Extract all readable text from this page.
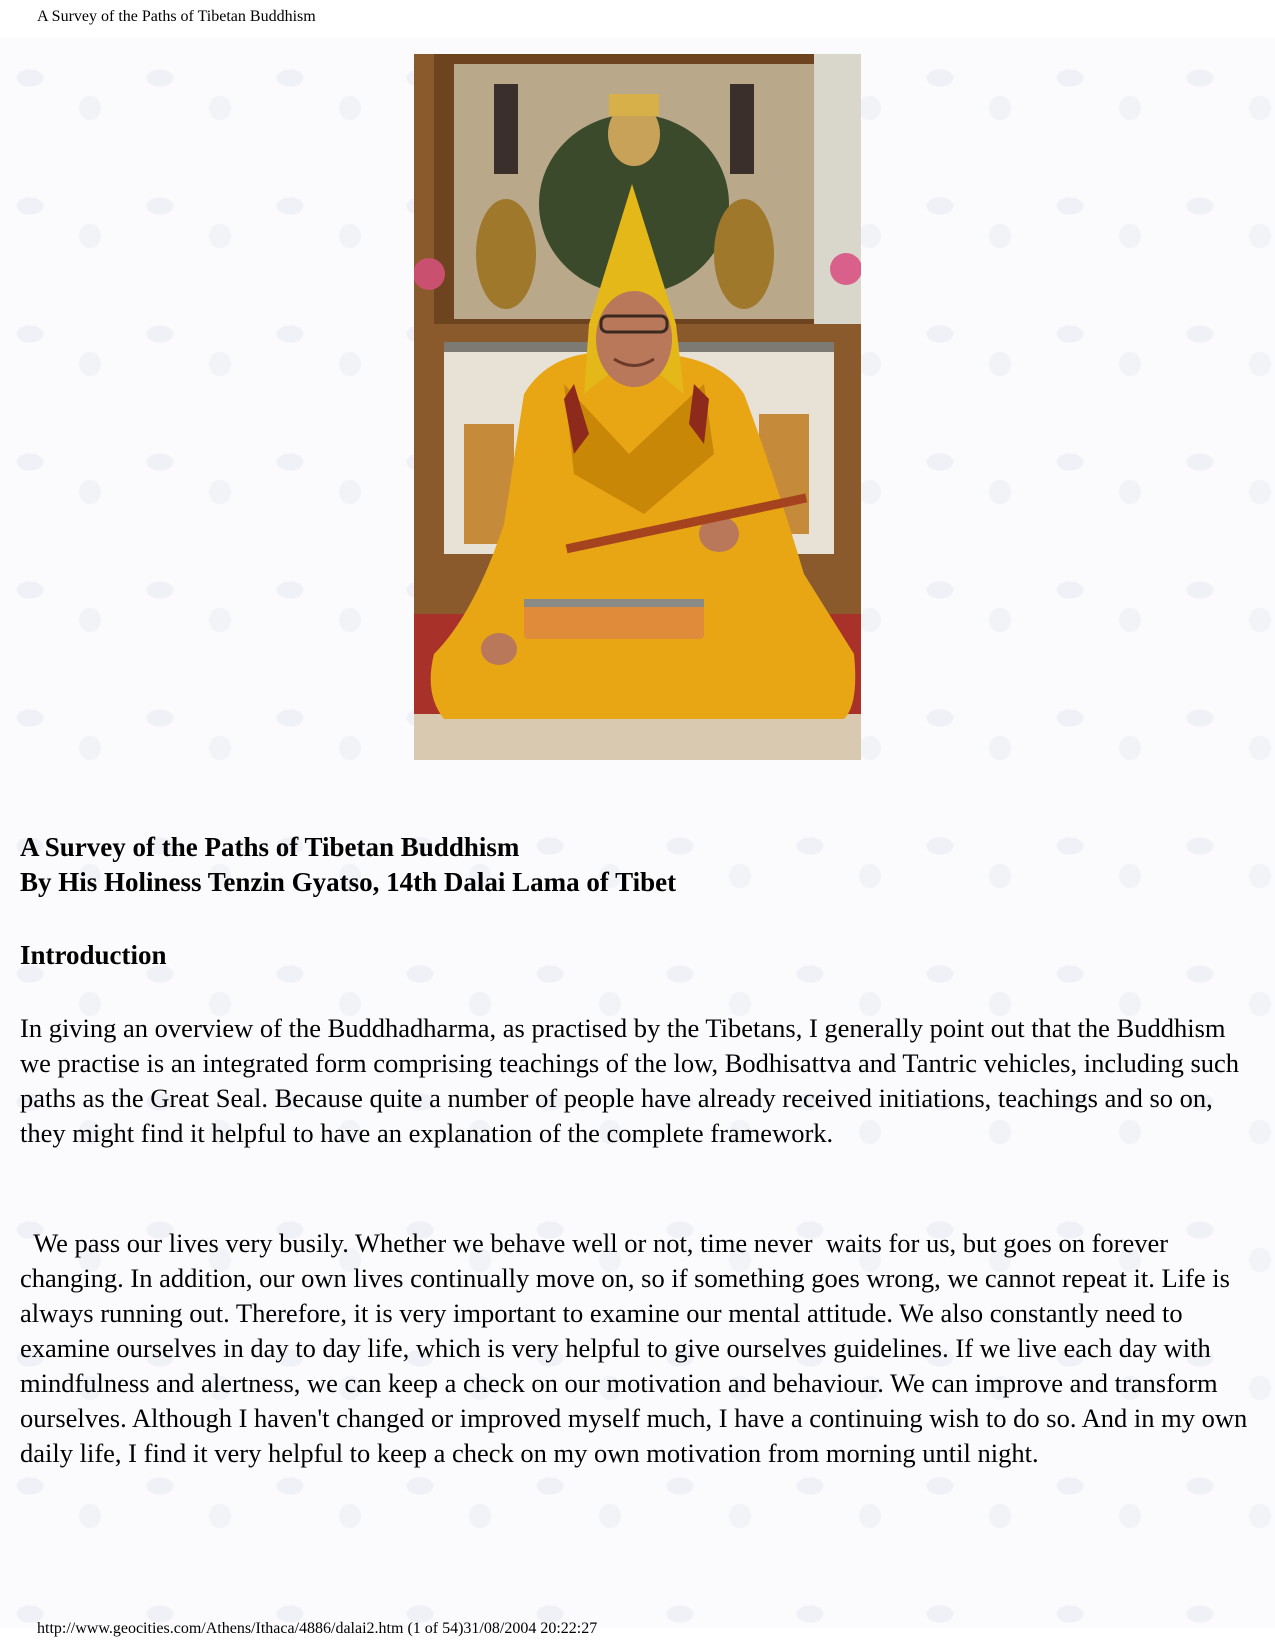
A Survey of the Paths of Tibetan Buddhism
A Survey of the Paths of Tibetan Buddhism
By His Holiness Tenzin Gyatso, 14th Dalai Lama of Tibet
Introduction

In giving an overview of the Buddhadharma, as practised by the Tibetans, I generally point out that the Buddhism we practise is an integrated form comprising teachings of the low, Bodhisattva and Tantric vehicles, including such paths as the Great Seal. Because quite a number of people have already received initiations, teachings and so on, they might find it helpful to have an explanation of the complete framework.

We pass our lives very busily. Whether we behave well or not, time never  waits for us, but goes on forever changing. In addition, our own lives continually move on, so if something goes wrong, we cannot repeat it. Life is always running out. Therefore, it is very important to examine our mental attitude. We also constantly need to examine ourselves in day to day life, which is very helpful to give ourselves guidelines. If we live each day with mindfulness and alertness, we can keep a check on our motivation and behaviour. We can improve and transform ourselves. Although I haven't changed or improved myself much, I have a continuing wish to do so. And in my own daily life, I find it very helpful to keep a check on my own motivation from morning until night.

http://www.geocities.com/Athens/Ithaca/4886/dalai2.htm (1 of 54)31/08/2004 20:22:27
